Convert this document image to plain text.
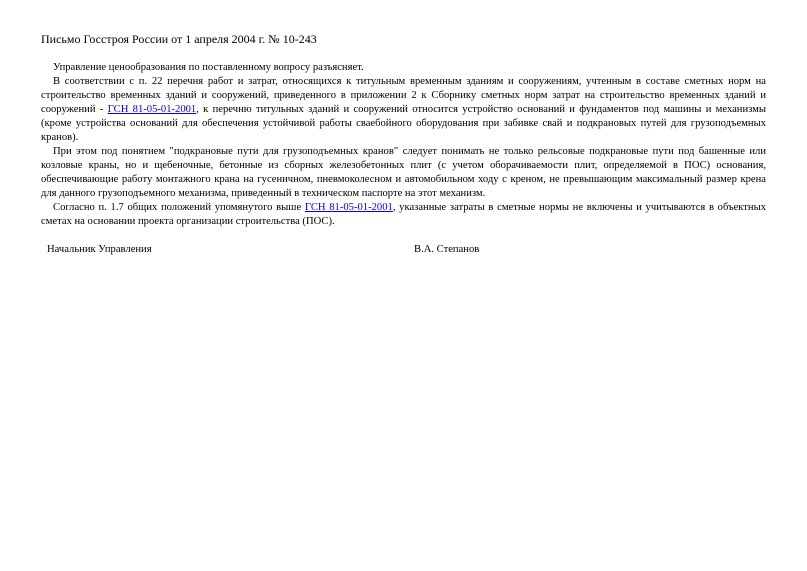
Письмо Госстроя России от 1 апреля 2004 г. № 10-243

Управление ценообразования по поставленному вопросу разъясняет.

В соответствии с п. 22 перечня работ и затрат, относящихся к титульным временным зданиям и сооружениям, учтенным в составе сметных норм на строительство временных зданий и сооружений, приведенного в приложении 2 к Сборнику сметных норм затрат на строительство временных зданий и сооружений - ГСН 81-05-01-2001, к перечню титульных зданий и сооружений относится устройство оснований и фундаментов под машины и механизмы (кроме устройства оснований для обеспечения устойчивой работы сваебойного оборудования при забивке свай и подкрановых путей для грузоподъемных кранов).

При этом под понятием "подкрановые пути для грузоподъемных кранов" следует понимать не только рельсовые подкрановые пути под башенные или козловые краны, но и щебеночные, бетонные из сборных железобетонных плит (с учетом оборачиваемости плит, определяемой в ПОС) основания, обеспечивающие работу монтажного крана на гусеничном, пневмоколесном и автомобильном ходу с креном, не превышающим максимальный размер крена для данного грузоподъемного механизма, приведенный в техническом паспорте на этот механизм.

Согласно п. 1.7 общих положений упомянутого выше ГСН 81-05-01-2001, указанные затраты в сметные нормы не включены и учитываются в объектных сметах на основании проекта организации строительства (ПОС).

Начальник Управления	В.А. Степанов
